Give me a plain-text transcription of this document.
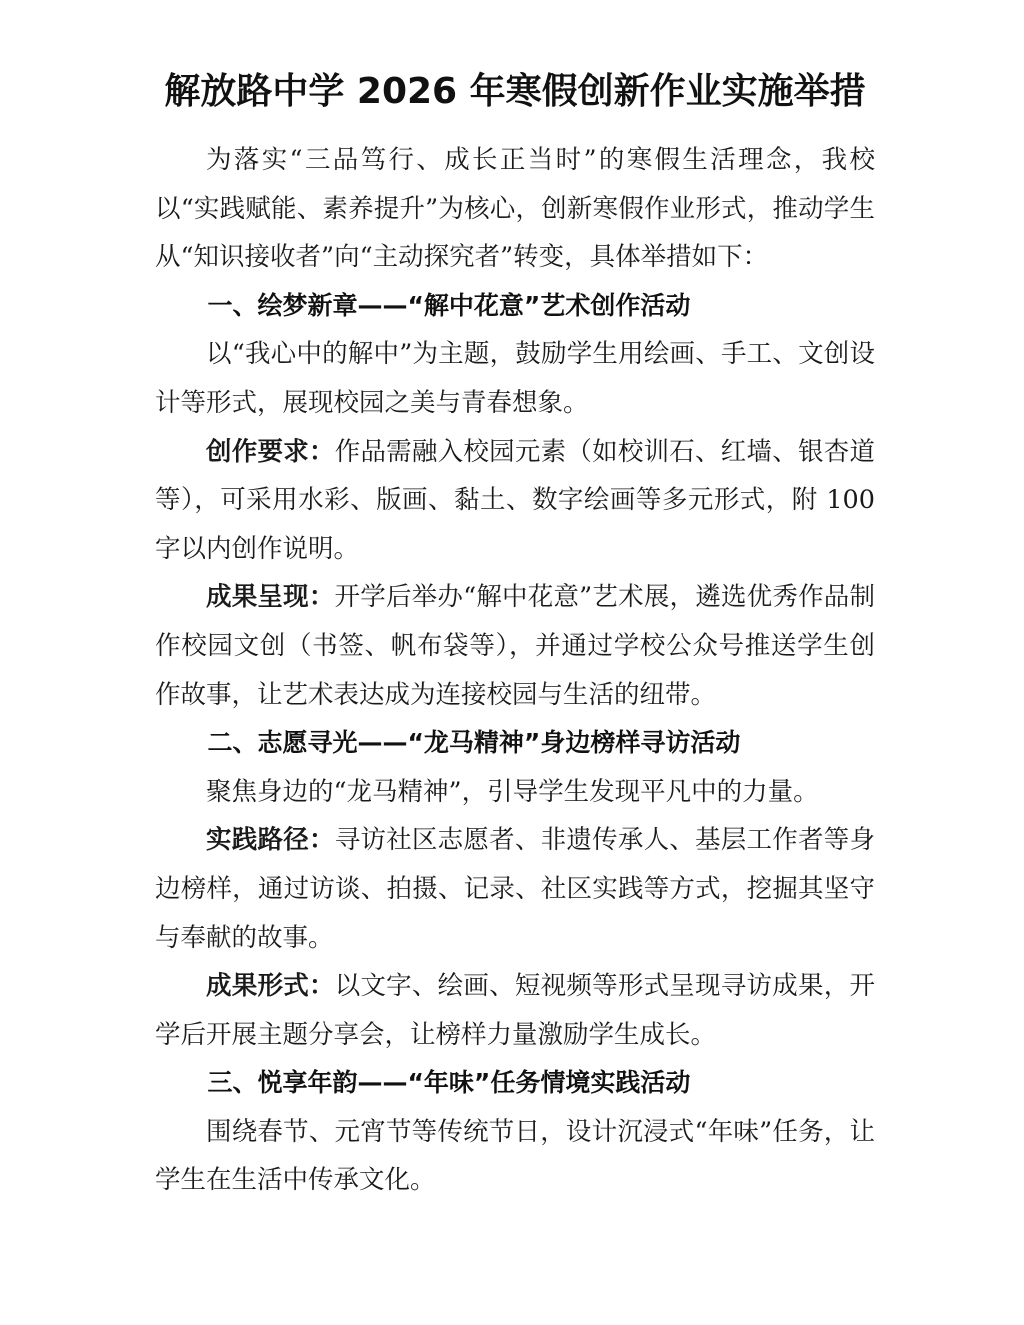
解放路中学 2026 年寒假创新作业实施举措

为落实“三品笃行、成长正当时”的寒假生活理念，我校以“实践赋能、素养提升”为核心，创新寒假作业形式，推动学生从“知识接收者”向“主动探究者”转变，具体举措如下：

一、绘梦新章——“解中花意”艺术创作活动

以“我心中的解中”为主题，鼓励学生用绘画、手工、文创设计等形式，展现校园之美与青春想象。

创作要求：作品需融入校园元素（如校训石、红墙、银杏道等），可采用水彩、版画、黏土、数字绘画等多元形式，附 100 字以内创作说明。

成果呈现：开学后举办“解中花意”艺术展，遴选优秀作品制作校园文创（书签、帆布袋等），并通过学校公众号推送学生创作故事，让艺术表达成为连接校园与生活的纽带。

二、志愿寻光——“龙马精神”身边榜样寻访活动

聚焦身边的“龙马精神”，引导学生发现平凡中的力量。

实践路径：寻访社区志愿者、非遗传承人、基层工作者等身边榜样，通过访谈、拍摄、记录、社区实践等方式，挖掘其坚守与奉献的故事。

成果形式：以文字、绘画、短视频等形式呈现寻访成果，开学后开展主题分享会，让榜样力量激励学生成长。

三、悦享年韵——“年味”任务情境实践活动

围绕春节、元宵节等传统节日，设计沉浸式“年味”任务，让学生在生活中传承文化。
